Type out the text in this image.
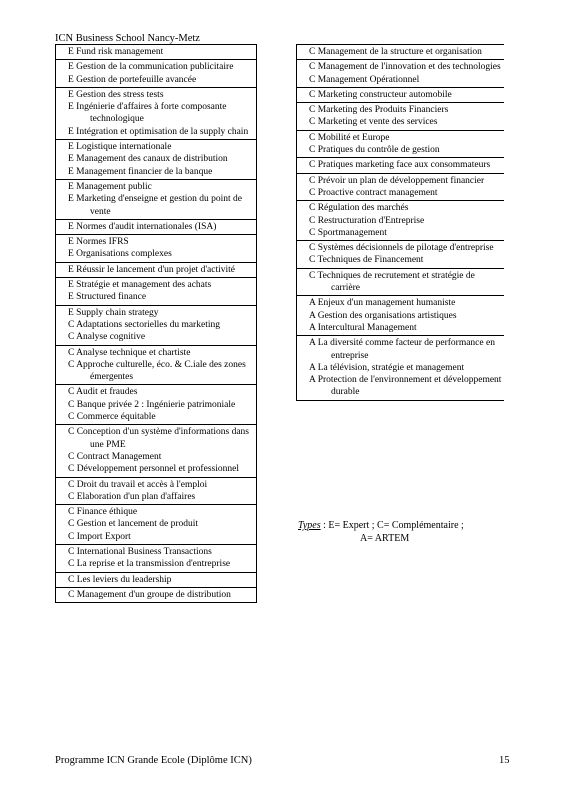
ICN Business School Nancy-Metz
E Fund risk management
E Gestion de la communication publicitaire
E Gestion de portefeuille avancée
E Gestion des stress tests
E Ingénierie d'affaires à forte composante technologique
E Intégration et optimisation de la supply chain
E Logistique internationale
E Management des canaux de distribution
E Management financier de la banque
E Management public
E Marketing d'enseigne et gestion du point de vente
E Normes d'audit internationales (ISA)
E Normes IFRS
E Organisations complexes
E Réussir le lancement d'un projet d'activité
E Stratégie et management des achats
E Structured finance
E Supply chain strategy
C Adaptations sectorielles du marketing
C Analyse cognitive
C Analyse technique et chartiste
C Approche culturelle, éco. & C.iale des zones émergentes
C Audit et fraudes
C Banque privée 2 : Ingénierie patrimoniale
C Commerce équitable
C Conception d'un système d'informations dans une PME
C Contract Management
C Développement personnel et professionnel
C Droit du travail et accès à l'emploi
C Elaboration d'un plan d'affaires
C Finance éthique
C Gestion et lancement de produit
C Import Export
C International Business Transactions
C La reprise et la transmission d'entreprise
C Les leviers du leadership
C Management d'un groupe de distribution
C Management de la structure et organisation
C Management de l'innovation et des technologies
C Management Opérationnel
C Marketing constructeur automobile
C Marketing des Produits Financiers
C Marketing et vente des services
C Mobilité et Europe
C Pratiques du contrôle de gestion
C Pratiques marketing face aux consommateurs
C Prévoir un plan de développement financier
C Proactive contract management
C Régulation des marchés
C Restructuration d'Entreprise
C Sportmanagement
C Systèmes décisionnels de pilotage d'entreprise
C Techniques de Financement
C Techniques de recrutement et stratégie de carrière
A Enjeux d'un management humaniste
A Gestion des organisations artistiques
A Intercultural Management
A La diversité comme facteur de performance en entreprise
A La télévision, stratégie et management
A Protection de l'environnement et développement durable
Types : E= Expert ; C= Complémentaire ;
A= ARTEM
Programme ICN Grande Ecole (Diplôme ICN)	15
